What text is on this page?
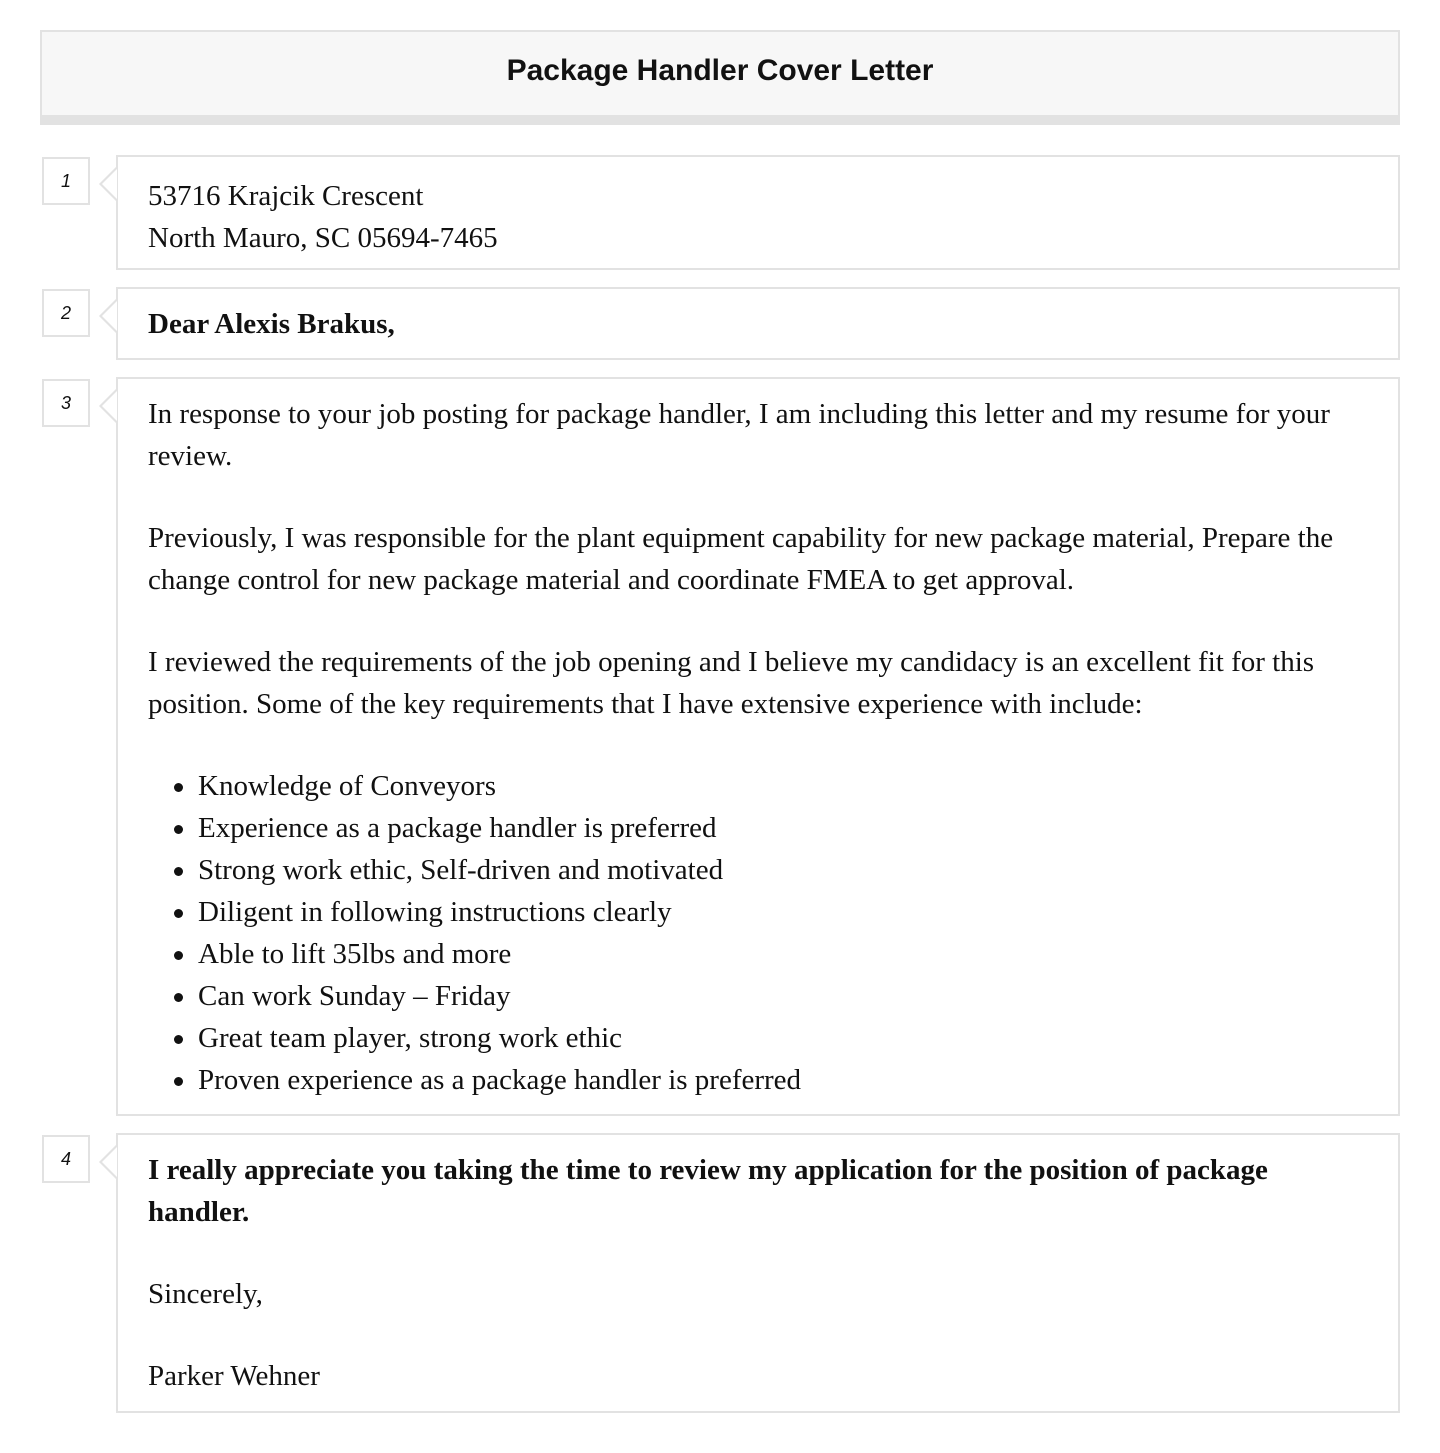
Package Handler Cover Letter
1	53716 Krajcik Crescent

North Mauro, SC 05694-7465

2	Dear Alexis Brakus,

3	In response to your job posting for package handler, I am including this letter and my resume for your review.

Previously, I was responsible for the plant equipment capability for new package material, Prepare the change control for new package material and coordinate FMEA to get approval.

I reviewed the requirements of the job opening and I believe my candidacy is an excellent fit for this position. Some of the key requirements that I have extensive experience with include:

Knowledge of Conveyors
Experience as a package handler is preferred
Strong work ethic, Self-driven and motivated
Diligent in following instructions clearly
Able to lift 35lbs and more
Can work Sunday – Friday
Great team player, strong work ethic
Proven experience as a package handler is preferred
4	I really appreciate you taking the time to review my application for the position of package handler.

Sincerely,

Parker Wehner
